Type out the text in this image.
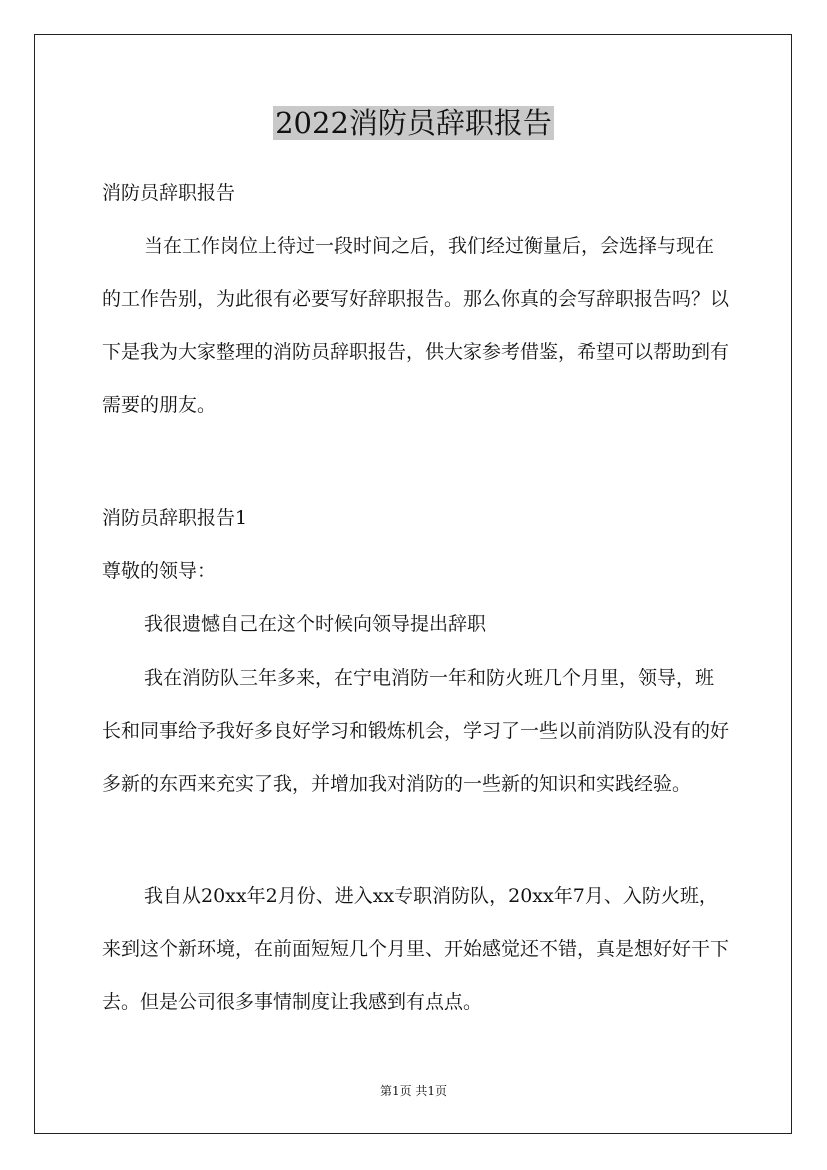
2022消防员辞职报告

消防员辞职报告

当在工作岗位上待过一段时间之后，我们经过衡量后，会选择与现在的工作告别，为此很有必要写好辞职报告。那么你真的会写辞职报告吗？以下是我为大家整理的消防员辞职报告，供大家参考借鉴，希望可以帮助到有需要的朋友。

消防员辞职报告1

尊敬的领导：

我很遗憾自己在这个时候向领导提出辞职

我在消防队三年多来，在宁电消防一年和防火班几个月里，领导，班长和同事给予我好多良好学习和锻炼机会，学习了一些以前消防队没有的好多新的东西来充实了我，并增加我对消防的一些新的知识和实践经验。

我自从20xx年2月份、进入xx专职消防队，20xx年7月、入防火班，来到这个新环境，在前面短短几个月里、开始感觉还不错，真是想好好干下去。但是公司很多事情制度让我感到有点点。

第1页 共1页
